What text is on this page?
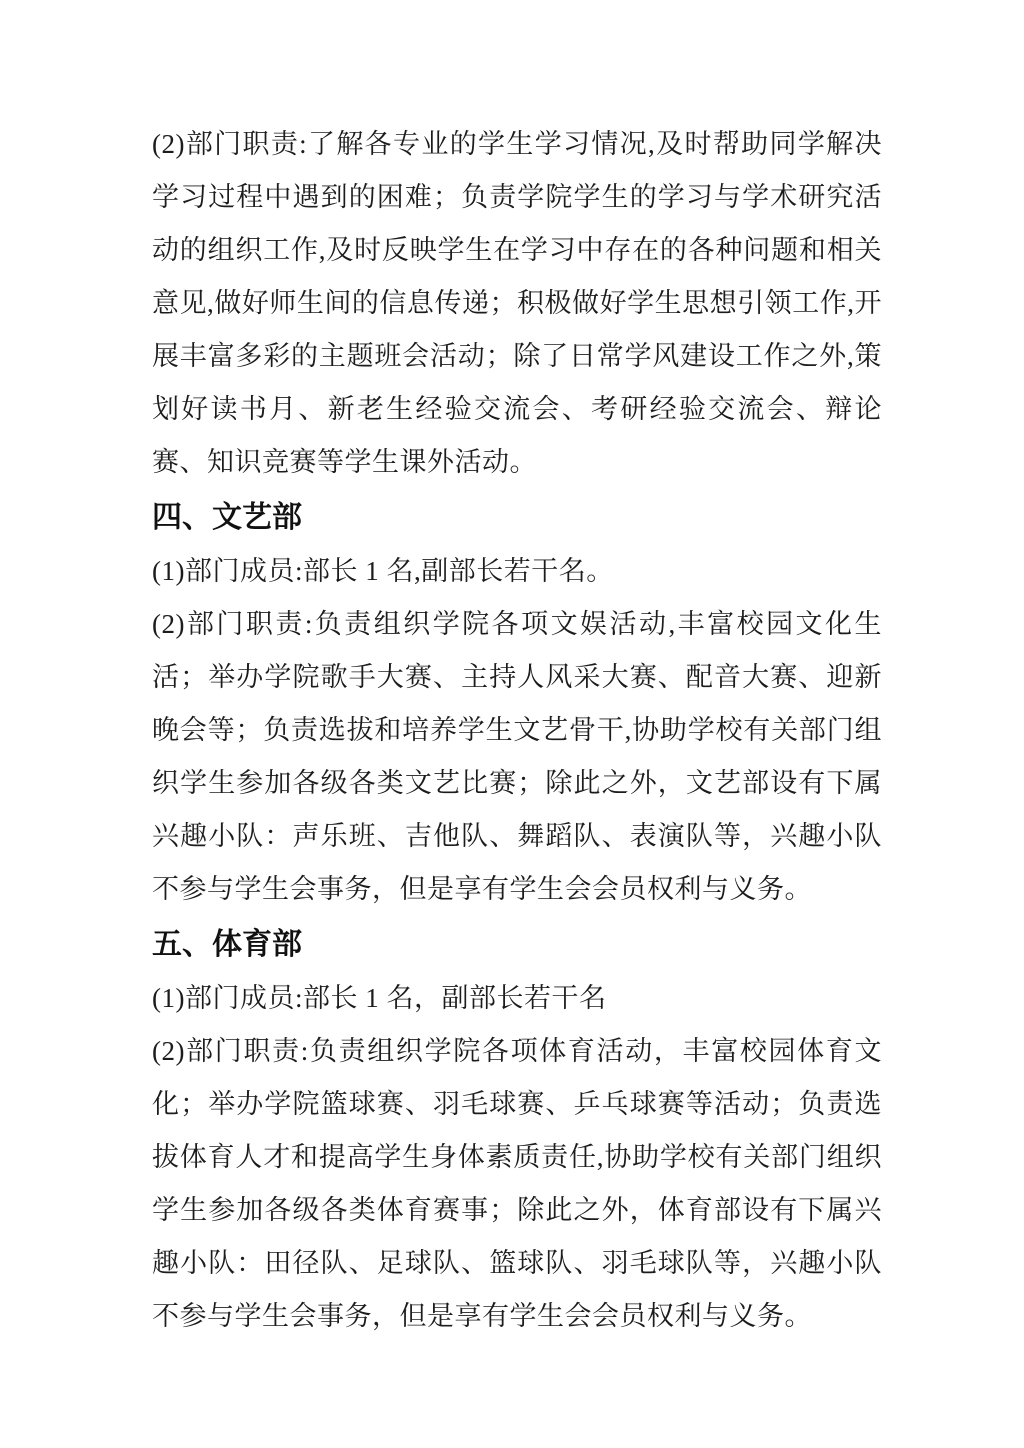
(2)部门职责:了解各专业的学生学习情况,及时帮助同学解决学习过程中遇到的困难；负责学院学生的学习与学术研究活动的组织工作,及时反映学生在学习中存在的各种问题和相关意见,做好师生间的信息传递；积极做好学生思想引领工作,开展丰富多彩的主题班会活动；除了日常学风建设工作之外,策划好读书月、新老生经验交流会、考研经验交流会、辩论赛、知识竞赛等学生课外活动。

四、文艺部

(1)部门成员:部长 1 名,副部长若干名。

(2)部门职责:负责组织学院各项文娱活动,丰富校园文化生活；举办学院歌手大赛、主持人风采大赛、配音大赛、迎新晚会等；负责选拔和培养学生文艺骨干,协助学校有关部门组织学生参加各级各类文艺比赛；除此之外，文艺部设有下属兴趣小队：声乐班、吉他队、舞蹈队、表演队等，兴趣小队不参与学生会事务，但是享有学生会会员权利与义务。

五、体育部

(1)部门成员:部长 1 名，副部长若干名

(2)部门职责:负责组织学院各项体育活动，丰富校园体育文化；举办学院篮球赛、羽毛球赛、乒乓球赛等活动；负责选拔体育人才和提高学生身体素质责任,协助学校有关部门组织学生参加各级各类体育赛事；除此之外，体育部设有下属兴趣小队：田径队、足球队、篮球队、羽毛球队等，兴趣小队不参与学生会事务，但是享有学生会会员权利与义务。
